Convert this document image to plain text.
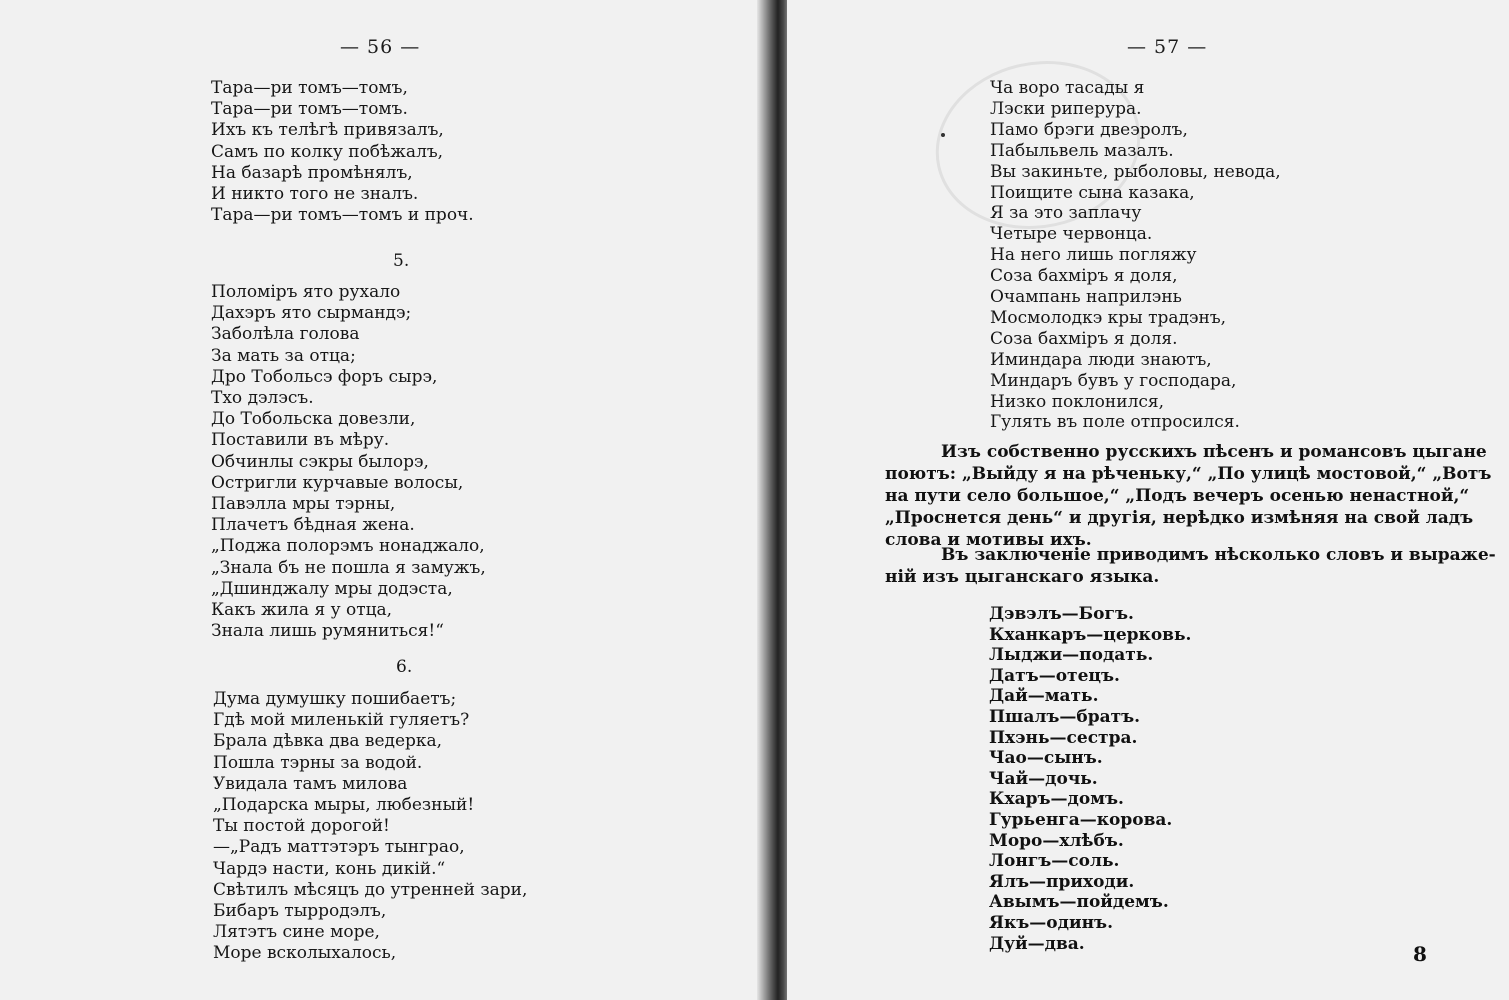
— 56 —
Тара—ри томъ—томъ,
Тара—ри томъ—томъ.
Ихъ къ телѣгѣ привязалъ,
Самъ по колку побѣжалъ,
На базарѣ промѣнялъ,
И никто того не зналъ.
Тара—ри томъ—томъ и проч.
5.
Поломiръ ято рухало
Дахэръ ято сырмандэ;
Заболѣла голова
За мать за отца;
Дро Тобольсэ форъ сырэ,
Тхо дэлэсъ.
До Тобольска довезли,
Поставили въ мѣру.
Обчинлы сэкры былорэ,
Остригли курчавые волосы,
Павэлла мры тэрны,
Плачетъ бѣдная жена.
„Поджа полорэмъ нонаджало,
„Знала бъ не пошла я замужъ,
„Дшинджалу мры додэста,
Какъ жила я у отца,
Знала лишь румяниться!“
6.
Дума думушку пошибаетъ;
Гдѣ мой миленькiй гуляетъ?
Брала дѣвка два ведерка,
Пошла тэрны за водой.
Увидала тамъ милова
„Подарска мыры, любезный!
Ты постой дорогой!
—„Радъ маттэтэръ тынграо,
Чардэ насти, конь дикiй.“
Свѣтилъ мѣсяцъ до утренней зари,
Бибаръ тырродэлъ,
Лятэтъ сине море,
Море всколыхалось,
— 57 —
Ча воро тасады я
Лэски рипeрура.
Памо брэги двеэролъ,
Пабыльвель мазалъ.
Вы закиньте, рыболовы, невода,
Поищите сына казака,
Я за это заплачу
Четыре червонца.
На него лишь погляжу
Соза бахмiръ я доля,
Очампань наприлэнь
Мосмолодкэ кры традэнъ,
Соза бахмiръ я доля.
Иминдара люди знаютъ,
Миндаръ бувъ у господара,
Низко поклонился,
Гулять въ поле отпросился.
Изъ собственно русскихъ пѣсенъ и романсовъ цыгане
поютъ: „Выйду я на рѣченьку,“ „По улицѣ мостовой,“ „Вотъ
на пути село большое,“ „Подъ вечеръ осенью ненастной,“
„Проснется день“ и другiя, нерѣдко измѣняя на свой ладъ
слова и мотивы ихъ.
Въ заключенiе приводимъ нѣсколько словъ и выраже-
нiй изъ цыганскаго языка.
Дэвэлъ—Богъ.
Кханкаръ—церковь.
Лыджи—подать.
Датъ—отецъ.
Дай—мать.
Пшалъ—братъ.
Пхэнь—сестра.
Чао—сынъ.
Чай—дочь.
Кхаръ—домъ.
Гурьенга—корова.
Моро—хлѣбъ.
Лонгъ—соль.
Ялъ—приходи.
Авымъ—пойдемъ.
Якъ—одинъ.
Дуй—два.	8
